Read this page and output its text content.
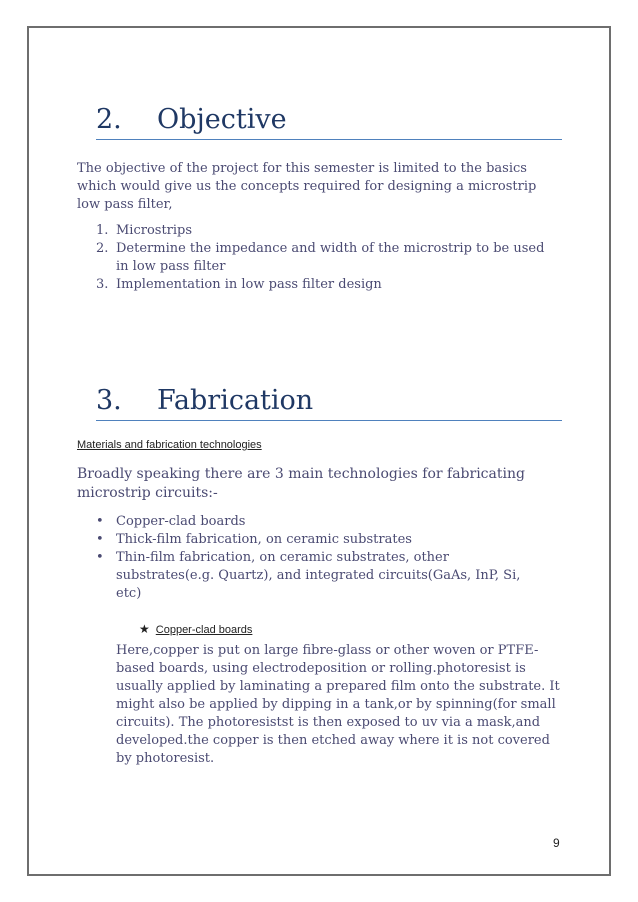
2. Objective
The objective of the project for this semester is limited to the basics which would give us the concepts required for designing a microstrip low pass filter,
1. Microstrips
2. Determine the impedance and width of the microstrip to be used in low pass filter
3. Implementation in low pass filter design
3. Fabrication
Materials and fabrication technologies
Broadly speaking there are 3 main technologies for fabricating microstrip circuits:-
• Copper-clad boards
• Thick-film fabrication, on ceramic substrates
• Thin-film fabrication, on ceramic substrates, other substrates(e.g. Quartz), and integrated circuits(GaAs, InP, Si, etc)
★ Copper-clad boards
Here,copper is put on large fibre-glass or other woven or PTFE-based boards, using electrodeposition or rolling.photoresist is usually applied by laminating a prepared film onto the substrate. It might also be applied by dipping in a tank,or by spinning(for small circuits). The photoresistst is then exposed to uv via a mask,and developed.the copper is then etched away where it is not covered by photoresist.
9
